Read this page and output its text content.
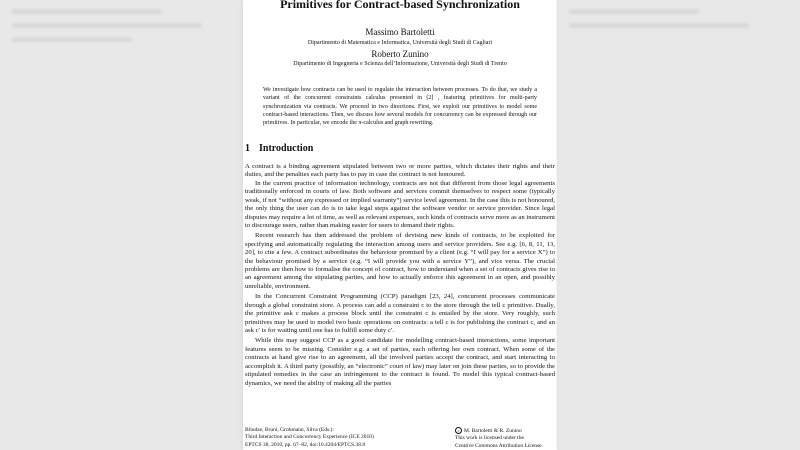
Primitives for Contract-based Synchronization
Massimo Bartoletti
Dipartimento di Matematica e Informatica, Università degli Studi di Cagliari
Roberto Zunino
Dipartimento di Ingegneria e Scienza dell’Informazione, Università degli Studi di Trento
We investigate how contracts can be used to regulate the interaction between processes. To do that, we study a variant of the concurrent constraints calculus presented in [2] , featuring primitives for multi-party synchronization via contracts. We proceed in two directions. First, we exploit our primitives to model some contract-based interactions. Then, we discuss how several models for concurrency can be expressed through our primitives. In particular, we encode the π-calculus and graph rewriting.
1 Introduction

A contract is a binding agreement stipulated between two or more parties, which dictates their rights and their duties, and the penalties each party has to pay in case the contract is not honoured.

In the current practice of information technology, contracts are not that different from those legal agreements traditionally enforced in courts of law. Both software and services commit themselves to respect some (typically weak, if not “without any expressed or implied warranty”) service level agreement. In the case this is not honoured, the only thing the user can do is to take legal steps against the software vendor or service provider. Since legal disputes may require a lot of time, as well as relevant expenses, such kinds of contracts serve more as an instrument to discourage users, rather than making easier for users to demand their rights.

Recent research has then addressed the problem of devising new kinds of contracts, to be exploited for specifying and automatically regulating the interaction among users and service providers. See e.g. [6, 8, 11, 13, 20], to cite a few. A contract subordinates the behaviour promised by a client (e.g. “I will pay for a service X”) to the behaviour promised by a service (e.g. “I will provide you with a service Y”), and vice versa. The crucial problems are then how to formalise the concept of contract, how to understand when a set of contracts gives rise to an agreement among the stipulating parties, and how to actually enforce this agreement in an open, and possibly unreliable, environment.

In the Concurrent Constraint Programming (CCP) paradigm [23, 24], concurrent processes communicate through a global constraint store. A process can add a constraint c to the store through the tell c primitive. Dually, the primitive ask c makes a process block until the constraint c is entailed by the store. Very roughly, such primitives may be used to model two basic operations on contracts: a tell c is for publishing the contract c, and an ask c′ is for waiting until one has to fulfill some duty c′.

While this may suggest CCP as a good candidate for modelling contract-based interactions, some important features seem to be missing. Consider e.g. a set of parties, each offering her own contract. When some of the contracts at hand give rise to an agreement, all the involved parties accept the contract, and start interacting to accomplish it. A third party (possibly, an “electronic” court of law) may later on join these parties, so to provide the stipulated remedies in the case an infringement to the contract is found. To model this typical contract-based dynamics, we need the ability of making all the parties

Bliudze, Bruni, Grohmann, Silva (Eds.):
Third Interaction and Concurrency Experience (ICE 2010)
EPTCS 38, 2010, pp. 67–82, doi:10.4204/EPTCS.38.8
c M. Bartoletti & R. Zunino
This work is licensed under the
Creative Commons Attribution License.
